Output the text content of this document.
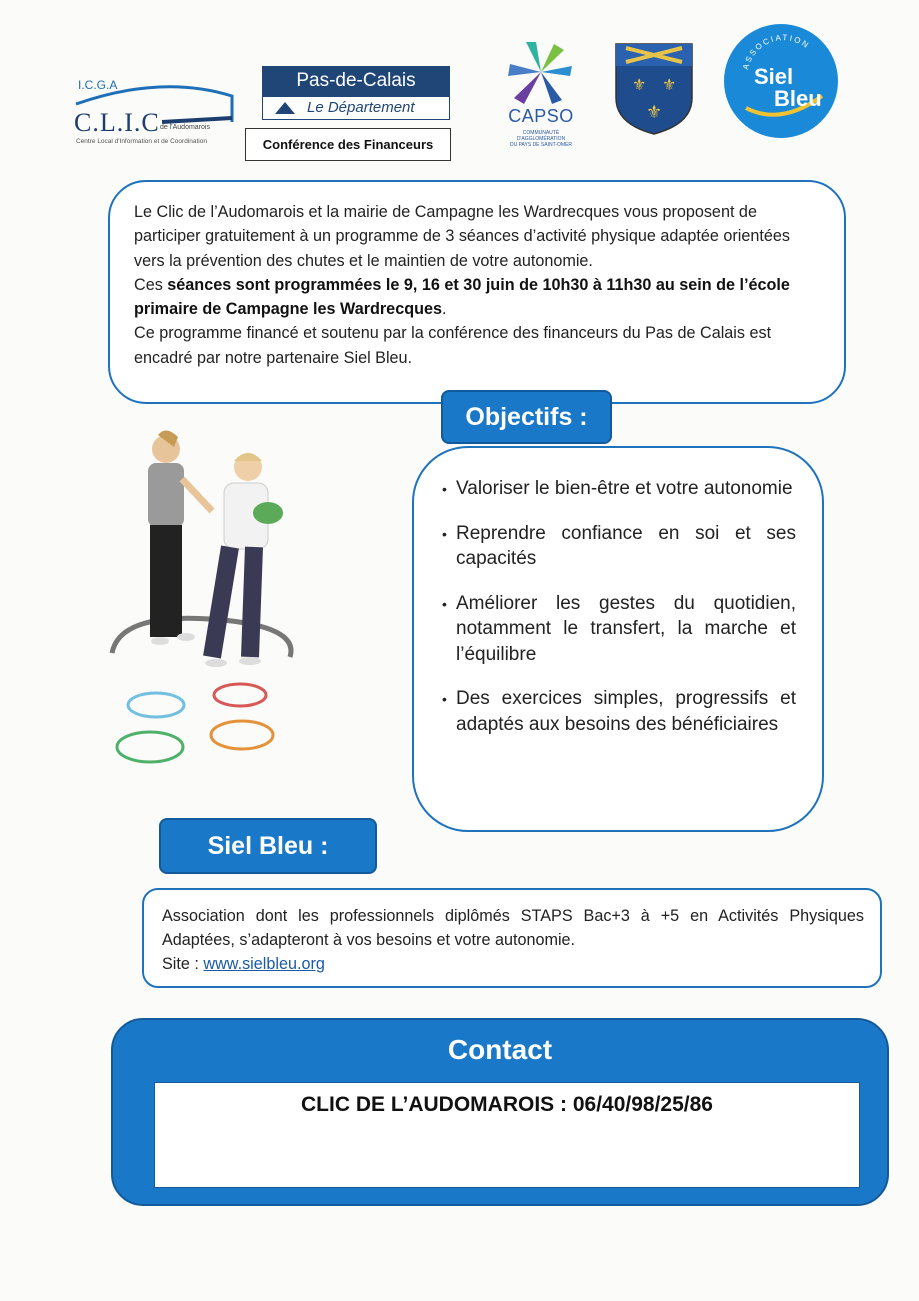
I.C.G.A
C.L.I.C de l'Audomarois
Centre Local d'Information et de Coordination
Pas-de-Calais
Le Département
Conférence des Financeurs
CAPSO
COMMUNAUTÉ D'AGGLOMÉRATION
DU PAYS DE SAINT-OMER
⚜ ⚜
⚜
ASSOCIATION
Siel
Bleu
Le Clic de l’Audomarois et la mairie de Campagne les Wardrecques vous proposent de participer gratuitement à un programme de 3 séances d’activité physique adaptée orientées vers la prévention des chutes et le maintien de votre autonomie.
Ces séances sont programmées le 9, 16 et 30 juin de 10h30 à 11h30 au sein de l’école primaire de Campagne les Wardrecques.
Ce programme financé et soutenu par la conférence des financeurs du Pas de Calais est encadré par notre partenaire Siel Bleu.
Objectifs :
• Valoriser le bien-être et votre autonomie
• Reprendre confiance en soi et ses capacités
• Améliorer les gestes du quotidien, notamment le transfert, la marche et l’équilibre
• Des exercices simples, progressifs et adaptés aux besoins des bénéficiaires
Siel Bleu :
Association dont les professionnels diplômés STAPS Bac+3 à +5 en Activités Physiques Adaptées, s’adapteront à vos besoins et votre autonomie.
Site : www.sielbleu.org
Contact
CLIC DE L’AUDOMAROIS : 06/40/98/25/86
